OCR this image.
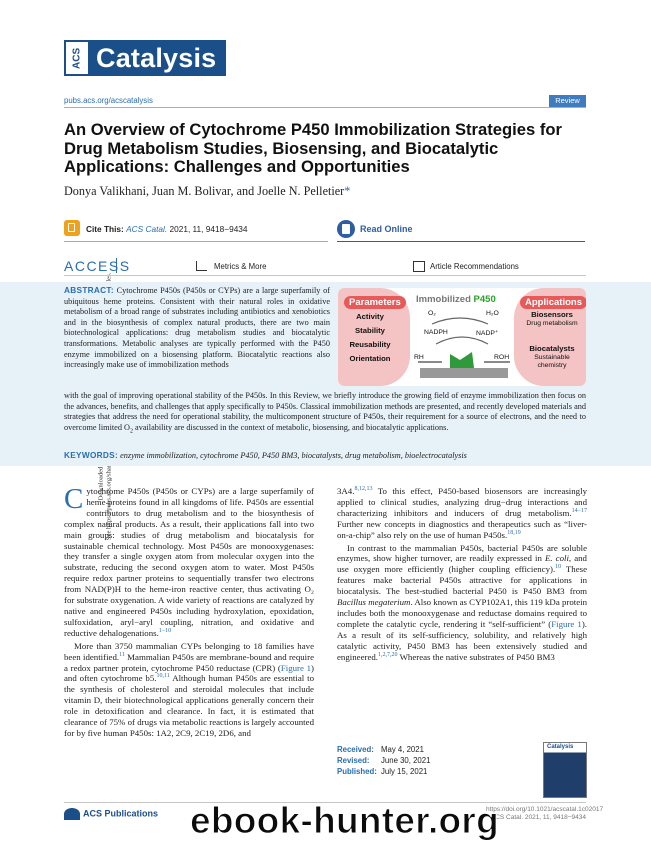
ACS Catalysis
pubs.acs.org/acscatalysis	Review
An Overview of Cytochrome P450 Immobilization Strategies for Drug Metabolism Studies, Biosensing, and Biocatalytic Applications: Challenges and Opportunities
Donya Valikhani, Juan M. Bolivar, and Joelle N. Pelletier*
Cite This: ACS Catal. 2021, 11, 9418−9434	Read Online
ACCESS	Metrics & More	Article Recommendations
ABSTRACT: Cytochrome P450s (P450s or CYPs) are a large superfamily of ubiquitous heme proteins. Consistent with their natural roles in oxidative metabolism of a broad range of substrates including antibiotics and xenobiotics and in the biosynthesis of complex natural products, there are two main biotechnological applications: drug metabolism studies and biocatalytic transformations. Metabolic analyses are typically performed with the P450 enzyme immobilized on a biosensing platform. Biocatalytic reactions also increasingly make use of immobilization methods
with the goal of improving operational stability of the P450s. In this Review, we briefly introduce the growing field of enzyme immobilization then focus on the advances, benefits, and challenges that apply specifically to P450s. Classical immobilization methods are presented, and recently developed materials and strategies that address the need for operational stability, the multicomponent structure of P450s, their requirement for a source of electrons, and the need to overcome limited $O_2$ availability are discussed in the context of metabolic, biosensing, and biocatalytic applications.
KEYWORDS: enzyme immobilization, cytochrome P450, P450 BM3, biocatalysts, drug metabolism, bioelectrocatalysis
Parameters
Activity
Stability
Reusability
Orientation
Immobilized P450
O₂	H₂O
NADPH	NADP⁺
RH	ROH
Applications
Biosensors
Drug metabolism
Biocatalysts
Sustainable chemistry

Cytochrome P450s (P450s or CYPs) are a large superfamily of heme proteins found in all kingdoms of life. P450s are essential contributors to drug metabolism and to the biosynthesis of complex natural products. As a result, their applications fall into two main groups: studies of drug metabolism and biocatalysis for sustainable chemical technology. Most P450s are monooxygenases: they transfer a single oxygen atom from molecular oxygen into the substrate, reducing the second oxygen atom to water. Most P450s require redox partner proteins to sequentially transfer two electrons from NAD(P)H to the heme-iron reactive center, thus activating O₂ for substrate oxygenation. A wide variety of reactions are catalyzed by native and engineered P450s including hydroxylation, epoxidation, sulfoxidation, aryl−aryl coupling, nitration, and oxidative and reductive dehalogenations.$^{1-10}$

More than 3750 mammalian CYPs belonging to 18 families have been identified.$^{11}$ Mammalian P450s are membrane-bound and require a redox partner protein, cytochrome P450 reductase (CPR) (Figure 1) and often cytochrome b5.$^{10,11}$ Although human P450s are essential to the synthesis of cholesterol and steroidal molecules that include vitamin D, their biotechnological applications generally concern their role in detoxification and clearance. In fact, it is estimated that clearance of 75% of drugs via metabolic reactions is largely accounted for by five human P450s: 1A2, 2C9, 2C19, 2D6, and

3A4.$^{8,12,13}$ To this effect, P450-based biosensors are increasingly applied to clinical studies, analyzing drug−drug interactions and characterizing inhibitors and inducers of drug metabolism.$^{14-17}$ Further new concepts in diagnostics and therapeutics such as “liver-on-a-chip” also rely on the use of human P450s.$^{18,19}$

In contrast to the mammalian P450s, bacterial P450s are soluble enzymes, show higher turnover, are readily expressed in E. coli, and use oxygen more efficiently (higher coupling efficiency).$^{10}$ These features make bacterial P450s attractive for applications in biocatalysis. The best-studied bacterial P450 is P450 BM3 from Bacillus megaterium. Also known as CYP102A1, this 119 kDa protein includes both the monooxygenase and reductase domains required to complete the catalytic cycle, rendering it “self-sufficient” (Figure 1). As a result of its self-sufficiency, solubility, and relatively high catalytic activity, P450 BM3 has been extensively studied and engineered.$^{1,2,7,20}$ Whereas the native substrates of P450 BM3

Received: May 4, 2021
Revised: June 30, 2021
Published: July 15, 2021
Catalysis
ACS Publications	https://doi.org/10.1021/acscatal.1c02017
ACS Catal. 2021, 11, 9418−9434
ebook-hunter.org
